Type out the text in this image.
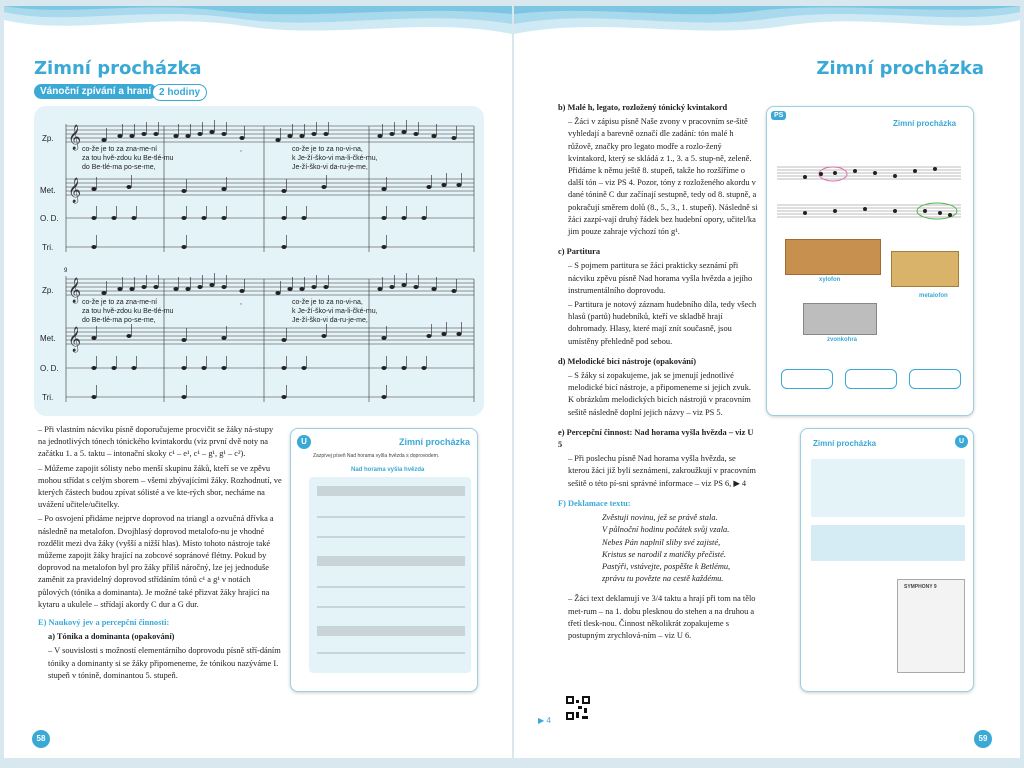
Zimní procházka
Vánoční zpívání a hraní 2 hodiny
Zp.
Met.
O. D.
Tri.
Zp.
Met.
O. D.
Tri.
9
𝄞
𝄞
𝄞
𝄞
co-že je to za zna-me-ní	,	co-že je to za no-vi-na,
za tou hvě-zdou ku Be-tlé-mu	k Je-ží-ško-vi ma-li-čké-mu,
do Be-tlé-ma po-se-me,	Je-ží-ško-vi da-ru-je-me,
co-že je to za zna-me-ní	,	co-že je to za no-vi-na,
za tou hvě-zdou ku Be-tlé-mu	k Je-ží-ško-vi ma-li-čké-mu,
do Be-tlé-ma po-se-me,	Je-ží-ško-vi da-ru-je-me,

– Při vlastním nácviku písně doporučujeme procvičit se žáky ná-stupy na jednotlivých tónech tónického kvintakordu (viz první dvě noty na začátku 1. a 5. taktu – intonační skoky c¹ – e¹, c¹ – g¹, g¹ – c²).

– Můžeme zapojit sólisty nebo menší skupinu žáků, kteří se ve zpěvu mohou střídat s celým sborem – všemi zbývajícími žáky. Rozhodnutí, ve kterých částech budou zpívat sólisté a ve kte-rých sbor, necháme na uvážení učitele/učitelky.

– Po osvojení přidáme nejprve doprovod na triangl a ozvučná dřívka a následně na metalofon. Dvojhlasý doprovod metalofo-nu je vhodné rozdělit mezi dva žáky (vyšší a nižší hlas). Místo tohoto nástroje také můžeme zapojit žáky hrající na zobcové sopránové flétny. Pokud by doprovod na metalofon byl pro žáky příliš náročný, lze jej jednoduše zaměnit za pravidelný doprovod střídáním tónů c¹ a g¹ v notách půlových (tónika a dominanta). Je možné také přizvat žáky hrající na kytaru a ukulele – střídají akordy C dur a G dur.

E) Naukový jev a percepční činnosti:

a) Tónika a dominanta (opakování)

– V souvislosti s možností elementárního doprovodu písně stří-dáním tóniky a dominanty si se žáky připomeneme, že tónikou nazýváme I. stupeň v tónině, dominantou 5. stupeň.

U	Zimní procházka
Zazpívej píseň Nad horama vyšla hvězda s doprovodem.
Nad horama vyšla hvězda
58
Zimní procházka

b) Malé h, legato, rozložený tónický kvintakord

– Žáci v zápisu písně Naše zvony v pracovním se-šitě vyhledají a barevně označí dle zadání: tón malé h růžově, značky pro legato modře a rozlo-žený kvintakord, který se skládá z 1., 3. a 5. stup-ně, zeleně. Přidáme k němu ještě 8. stupeň, takže ho rozšíříme o další tón – viz PS 4. Pozor, tóny z rozloženého akordu v dané tónině C dur začínají sestupně, tedy od 8. stupně, a pokračují směrem dolů (8., 5., 3., 1. stupeň). Následně si žáci zazpí-vají druhý řádek bez hudební opory, učitel/ka jim pouze zahraje výchozí tón g¹.

c) Partitura

– S pojmem partitura se žáci prakticky seznámí při nácviku zpěvu písně Nad horama vyšla hvězda a jejího instrumentálního doprovodu.

– Partitura je notový záznam hudebního díla, tedy všech hlasů (partů) hudebníků, kteří ve skladbě hrají dohromady. Hlasy, které mají znít současně, jsou umístěny přehledně pod sebou.

d) Melodické bicí nástroje (opakování)

– S žáky si zopakujeme, jak se jmenují jednotlivé melodické bicí nástroje, a připomeneme si jejich zvuk. K obrázkům melodických bicích nástrojů v pracovním sešitě následně doplní jejich názvy – viz PS 5.

e) Percepční činnost: Nad horama vyšla hvězda – viz U 5

– Při poslechu písně Nad horama vyšla hvězda, se kterou žáci již byli seznámeni, zakroužkují v pracovním sešitě o této pí-sni správné informace – viz PS 6, ▶ 4

F) Deklamace textu:

Zvěstuji novinu, jež se právě stala.
V půlnoční hodinu počátek svůj vzala.
Nebes Pán naplnil sliby své zajisté,
Kristus se narodil z matičky přečisté.
Pastýři, vstávejte, pospěšte k Betlému,
zprávu tu povězte na cestě každému.

– Žáci text deklamují ve 3/4 taktu a hrají při tom na tělo met-rum – na 1. dobu plesknou do stehen a na druhou a třetí tlesk-nou. Činnost několikrát zopakujeme s postupným zrychlová-ním – viz U 6.

▶ 4
PS
Zimní procházka
xylofon
metalofon
zvonkohra
Zimní procházka	U
SYMPHONY 9
59
